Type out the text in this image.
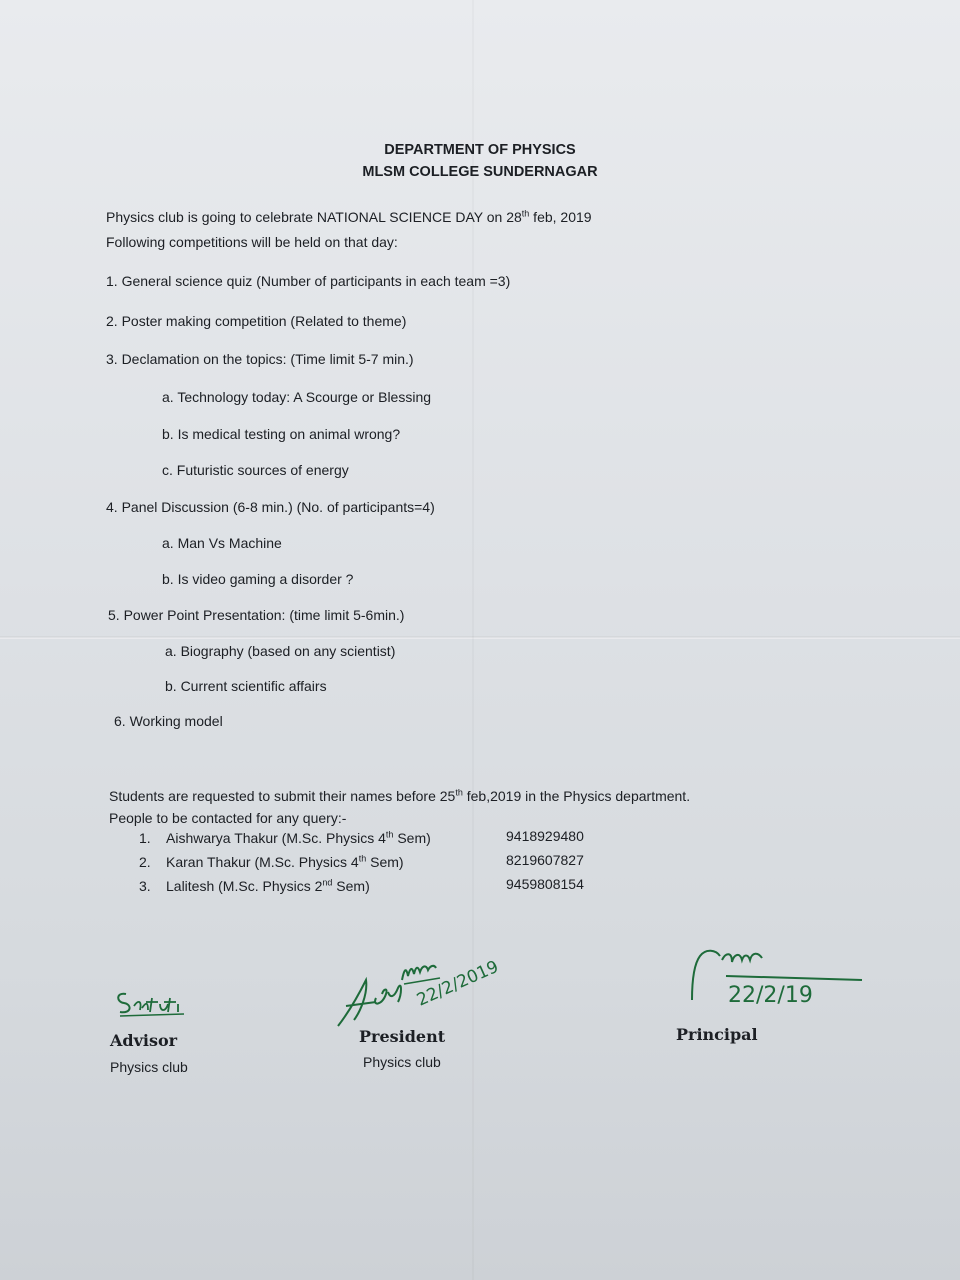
DEPARTMENT OF PHYSICS
MLSM COLLEGE SUNDERNAGAR
Physics club is going to celebrate NATIONAL SCIENCE DAY on 28th feb, 2019
Following competitions will be held on that day:
1. General science quiz (Number of participants in each team =3)
2. Poster making competition (Related to theme)
3. Declamation on the topics: (Time limit 5-7 min.)
a. Technology today: A Scourge or Blessing
b. Is medical testing on animal wrong?
c. Futuristic sources of energy
4. Panel Discussion (6-8 min.) (No. of participants=4)
a. Man Vs Machine
b. Is video gaming a disorder ?
5. Power Point Presentation: (time limit 5-6min.)
a. Biography (based on any scientist)
b. Current scientific affairs
6. Working model
Students are requested to submit their names before 25th feb,2019 in the Physics department.
People to be contacted for any query:-
1. Aishwarya Thakur (M.Sc. Physics 4th Sem)	9418929480
2. Karan Thakur (M.Sc. Physics 4th Sem)	8219607827
3. Lalitesh (M.Sc. Physics 2nd Sem)	9459808154
Advisor
Physics club
22/2/2019
President
Physics club
22/2/19
Principal
